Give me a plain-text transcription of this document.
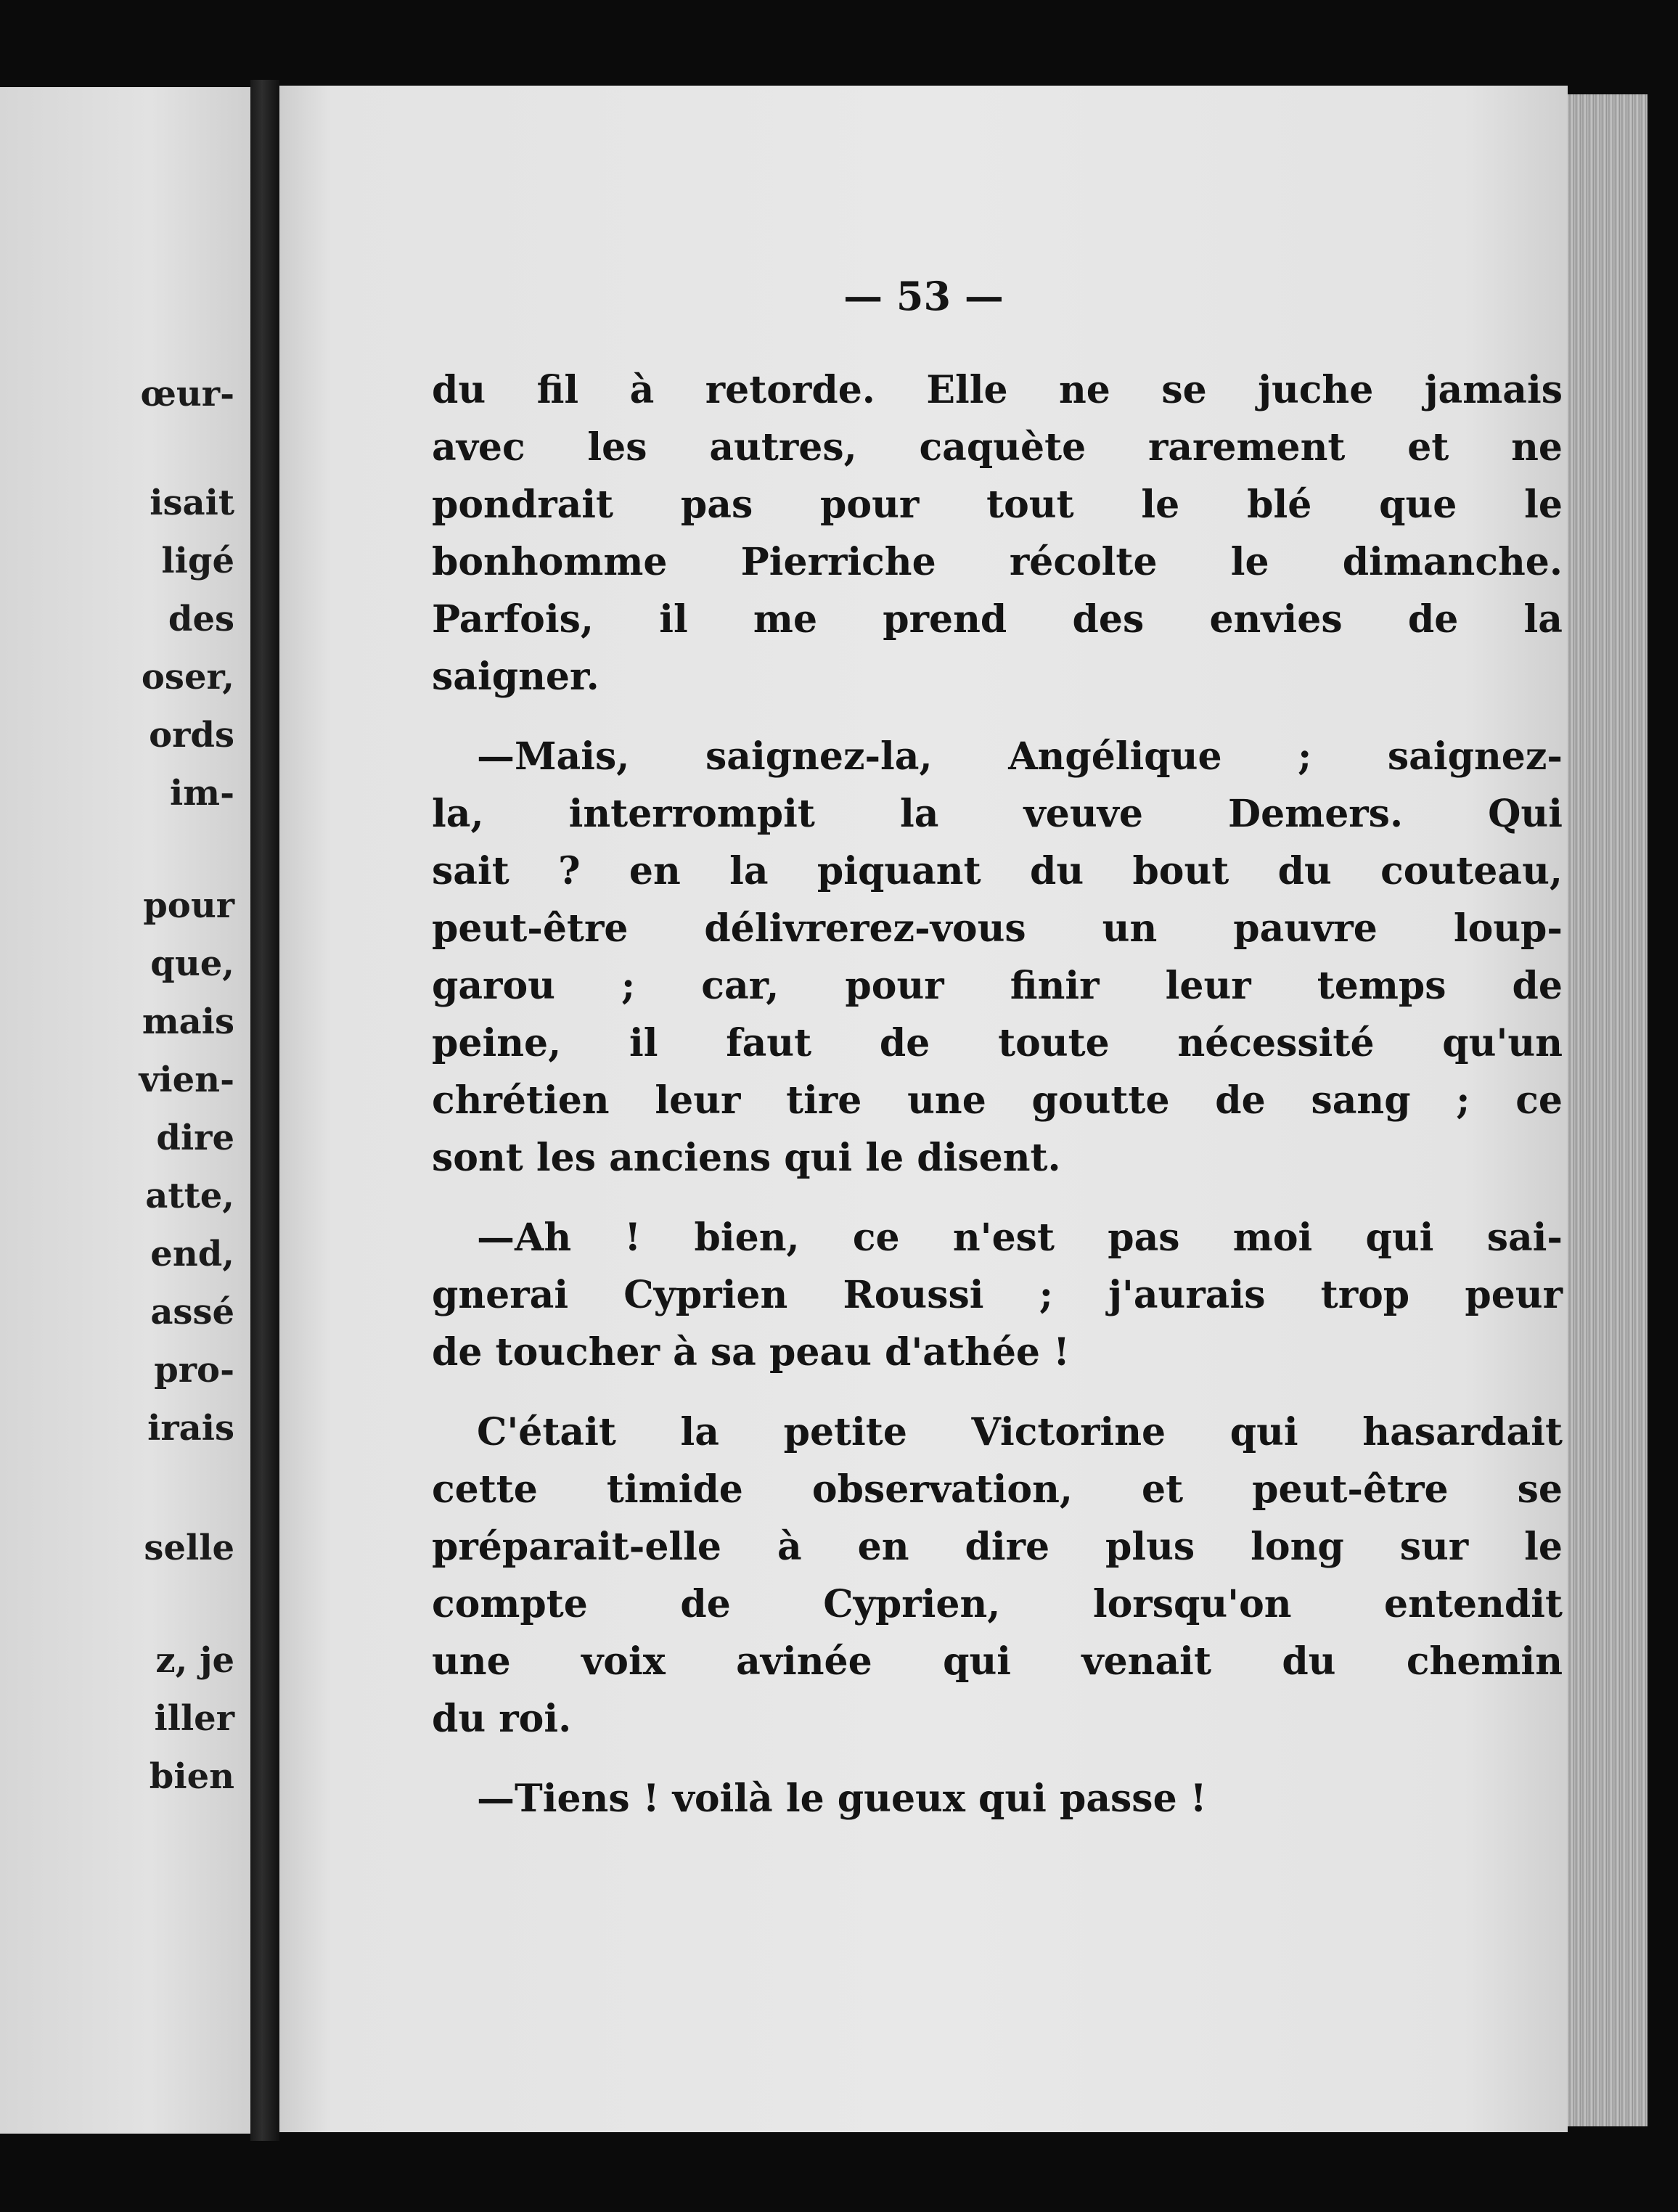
œur-

isait

ligé

des

oser,

ords

im-

pour

que,

mais

vien-

dire

atte,

end,

assé

pro-

irais

selle

z, je

iller

bien

— 53 —

du fil à retorde. Elle ne se juche jamais

avec les autres, caquète rarement et ne

pondrait pas pour tout le blé que le

bonhomme Pierriche récolte le dimanche.

Parfois, il me prend des envies de la

saigner.

—Mais, saignez-la, Angélique ; saignez-

la, interrompit la veuve Demers. Qui

sait ? en la piquant du bout du couteau,

peut-être délivrerez-vous un pauvre loup-

garou ; car, pour finir leur temps de

peine, il faut de toute nécessité qu'un

chrétien leur tire une goutte de sang ; ce

sont les anciens qui le disent.

—Ah ! bien, ce n'est pas moi qui sai-

gnerai Cyprien Roussi ; j'aurais trop peur

de toucher à sa peau d'athée !

C'était la petite Victorine qui hasardait

cette timide observation, et peut-être se

préparait-elle à en dire plus long sur le

compte de Cyprien, lorsqu'on entendit

une voix avinée qui venait du chemin

du roi.

—Tiens ! voilà le gueux qui passe !
